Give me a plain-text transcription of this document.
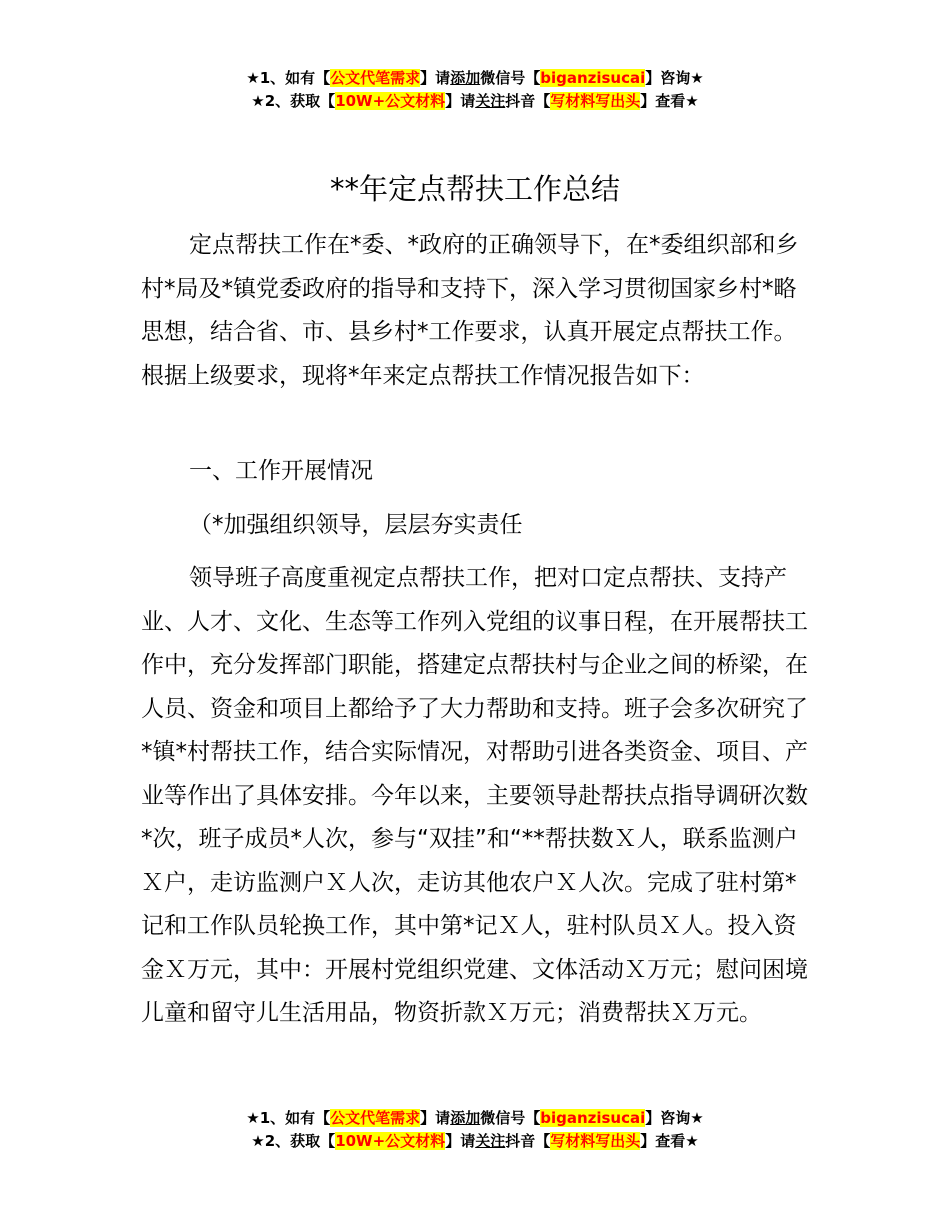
★1、如有【公文代笔需求】请添加微信号【biganzisucai】咨询★
★2、获取【10W+公文材料】请关注抖音【写材料写出头】查看★
**年定点帮扶工作总结

定点帮扶工作在*委、*政府的正确领导下，在*委组织部和乡村*局及*镇党委政府的指导和支持下，深入学习贯彻国家乡村*略思想，结合省、市、县乡村*工作要求，认真开展定点帮扶工作。根据上级要求，现将*年来定点帮扶工作情况报告如下：

一、工作开展情况

（*加强组织领导，层层夯实责任

领导班子高度重视定点帮扶工作，把对口定点帮扶、支持产业、人才、文化、生态等工作列入党组的议事日程，在开展帮扶工作中，充分发挥部门职能，搭建定点帮扶村与企业之间的桥梁，在人员、资金和项目上都给予了大力帮助和支持。班子会多次研究了*镇*村帮扶工作，结合实际情况，对帮助引进各类资金、项目、产业等作出了具体安排。今年以来，主要领导赴帮扶点指导调研次数*次，班子成员*人次，参与“双挂”和“**帮扶数Ｘ人，联系监测户Ｘ户，走访监测户Ｘ人次，走访其他农户Ｘ人次。完成了驻村第*记和工作队员轮换工作，其中第*记Ｘ人，驻村队员Ｘ人。投入资金Ｘ万元，其中：开展村党组织党建、文体活动Ｘ万元；慰问困境儿童和留守儿生活用品，物资折款Ｘ万元；消费帮扶Ｘ万元。

★1、如有【公文代笔需求】请添加微信号【biganzisucai】咨询★
★2、获取【10W+公文材料】请关注抖音【写材料写出头】查看★
